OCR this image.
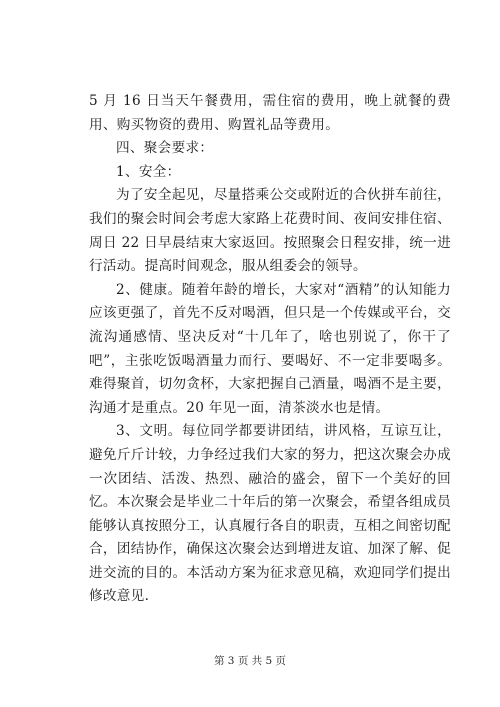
5 月 16 日当天午餐费用，需住宿的费用，晚上就餐的费用、购买物资的费用、购置礼品等费用。

四、聚会要求：

1、安全：

为了安全起见，尽量搭乘公交或附近的合伙拼车前往，我们的聚会时间会考虑大家路上花费时间、夜间安排住宿、周日 22 日早晨结束大家返回。按照聚会日程安排，统一进行活动。提高时间观念，服从组委会的领导。

2、健康。随着年龄的增长，大家对“酒精”的认知能力应该更强了，首先不反对喝酒，但只是一个传媒或平台，交流沟通感情、坚决反对“十几年了，啥也别说了，你干了吧”，主张吃饭喝酒量力而行、要喝好、不一定非要喝多。难得聚首，切勿贪杯，大家把握自己酒量，喝酒不是主要，沟通才是重点。20 年见一面，清茶淡水也是情。

3、文明。每位同学都要讲团结，讲风格，互谅互让，避免斤斤计较，力争经过我们大家的努力，把这次聚会办成一次团结、活泼、热烈、融洽的盛会，留下一个美好的回忆。本次聚会是毕业二十年后的第一次聚会，希望各组成员能够认真按照分工，认真履行各自的职责，互相之间密切配合，团结协作，确保这次聚会达到增进友谊、加深了解、促进交流的目的。本活动方案为征求意见稿，欢迎同学们提出修改意见.

第 3 页 共 5 页
